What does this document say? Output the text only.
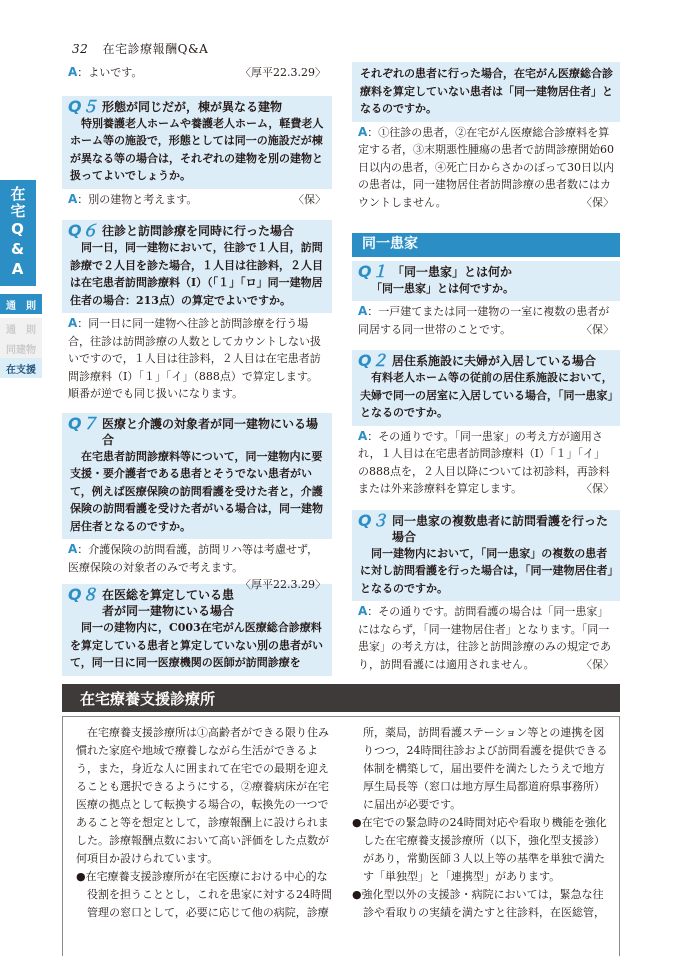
32 在宅診療報酬Q&A
在宅Q&A
通　則
通　則
同建物
在支援
A：よいです。	〈厚平22.3.29〉
Q５ 形態が同じだが，棟が異なる建物
特別養護老人ホームや養護老人ホーム，軽費老人ホーム等の施設で，形態としては同一の施設だが棟が異なる等の場合は，それぞれの建物を別の建物と扱ってよいでしょうか。
A：別の建物と考えます。	〈保〉
Q６ 往診と訪問診療を同時に行った場合
同一日，同一建物において，往診で１人目，訪問診療で２人目を診た場合，１人目は往診料，２人目は在宅患者訪問診療料（Ⅰ）（「１」「ロ」同一建物居住者の場合：213点）の算定でよいですか。
A：同一日に同一建物へ往診と訪問診療を行う場合，往診は訪問診療の人数としてカウントしない扱いですので，１人目は往診料，２人目は在宅患者訪問診療料（Ⅰ）「１」「イ」（888点）で算定します。順番が逆でも同じ扱いになります。
Q７ 医療と介護の対象者が同一建物にいる場合
在宅患者訪問診療料等について，同一建物内に要支援・要介護者である患者とそうでない患者がいて，例えば医療保険の訪問看護を受けた者と，介護保険の訪問看護を受けた者がいる場合は，同一建物居住者となるのですか。
A：介護保険の訪問看護，訪問リハ等は考慮せず，医療保険の対象者のみで考えます。
〈厚平22.3.29〉
Q８ 在医総を算定している患者が同一建物にいる場合
同一の建物内に，C003在宅がん医療総合診療料を算定している患者と算定していない別の患者がいて，同一日に同一医療機関の医師が訪問診療を
それぞれの患者に行った場合，在宅がん医療総合診療料を算定していない患者は「同一建物居住者」となるのですか。
A：①往診の患者，②在宅がん医療総合診療料を算定する者，③末期悪性腫瘍の患者で訪問診療開始60日以内の患者，④死亡日からさかのぼって30日以内の患者は，同一建物居住者訪問診療の患者数にはカウントしません。	〈保〉
同一患家
Q１ 「同一患家」とは何か
「同一患家」とは何ですか。
A：一戸建てまたは同一建物の一室に複数の患者が同居する同一世帯のことです。	〈保〉
Q２ 居住系施設に夫婦が入居している場合
有料老人ホーム等の従前の居住系施設において，夫婦で同一の居室に入居している場合，「同一患家」となるのですか。
A：その通りです。「同一患家」の考え方が適用され，１人目は在宅患者訪問診療料（Ⅰ）「１」「イ」の888点を，２人目以降については初診料，再診料または外来診療料を算定します。	〈保〉
Q３ 同一患家の複数患者に訪問看護を行った場合
同一建物内において，「同一患家」の複数の患者に対し訪問看護を行った場合は，「同一建物居住者」となるのですか。
A：その通りです。訪問看護の場合は「同一患家」にはならず，「同一建物居住者」となります。「同一患家」の考え方は，往診と訪問診療のみの規定であり，訪問看護には適用されません。	〈保〉
在宅療養支援診療所
在宅療養支援診療所は①高齢者ができる限り住み慣れた家庭や地域で療養しながら生活ができるよう，また，身近な人に囲まれて在宅での最期を迎えることも選択できるようにする，②療養病床が在宅医療の拠点として転換する場合の，転換先の一つであること等を想定として，診療報酬上に設けられました。診療報酬点数において高い評価をした点数が何項目か設けられています。
●在宅療養支援診療所が在宅医療における中心的な役割を担うこととし，これを患家に対する24時間管理の窓口として，必要に応じて他の病院，診療
所，薬局，訪問看護ステーション等との連携を図りつつ，24時間往診および訪問看護を提供できる体制を構築して，届出要件を満たしたうえで地方厚生局長等（窓口は地方厚生局都道府県事務所）に届出が必要です。
●在宅での緊急時の24時間対応や看取り機能を強化した在宅療養支援診療所（以下，強化型支援診）があり，常勤医師３人以上等の基準を単独で満たす「単独型」と「連携型」があります。
●強化型以外の支援診・病院においては，緊急な往診や看取りの実績を満たすと往診料，在医総管，
